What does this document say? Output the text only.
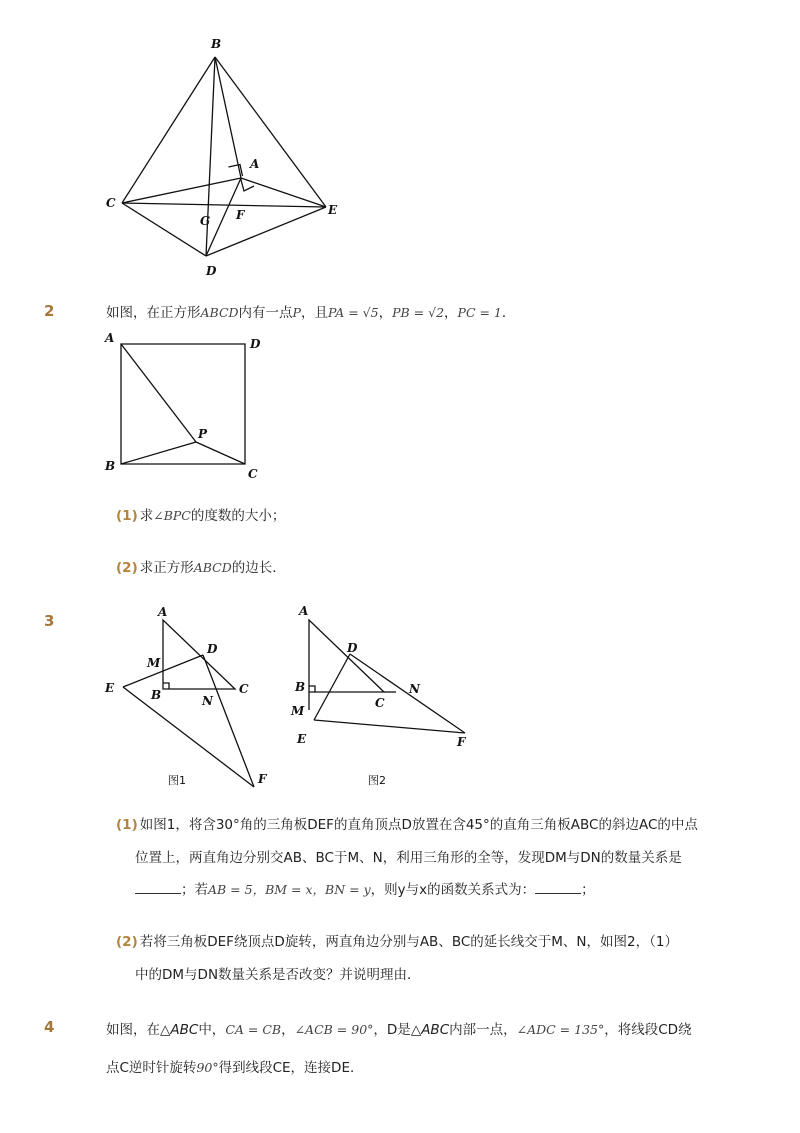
B
A
C	E
G F
D
2	如图，在正方形ABCD内有一点P，且PA = √5，PB = √2，PC = 1．
A	D
P
B
C
(1) 求∠BPC的度数的大小；
(2) 求正方形ABCD的边长．
3	A
M
D
E	B	N
C
F
图1
A
D
B
C
N
M
E	F
图2
(1) 如图1，将含30°角的三角板DEF的直角顶点D放置在含45°的直角三角板ABC的斜边AC的中点
位置上，两直角边分别交AB、BC于M、N，利用三角形的全等，发现DM与DN的数量关系是
；若AB = 5，BM = x，BN = y，则y与x的函数关系式为：	；
(2) 若将三角板DEF绕顶点D旋转，两直角边分别与AB、BC的延长线交于M、N，如图2，（1）
中的DM与DN数量关系是否改变？并说明理由．
4	如图，在△ABC中，CA = CB，∠ACB = 90°，D是△ABC内部一点，∠ADC = 135°，将线段CD绕
点C逆时针旋转90°得到线段CE，连接DE．
